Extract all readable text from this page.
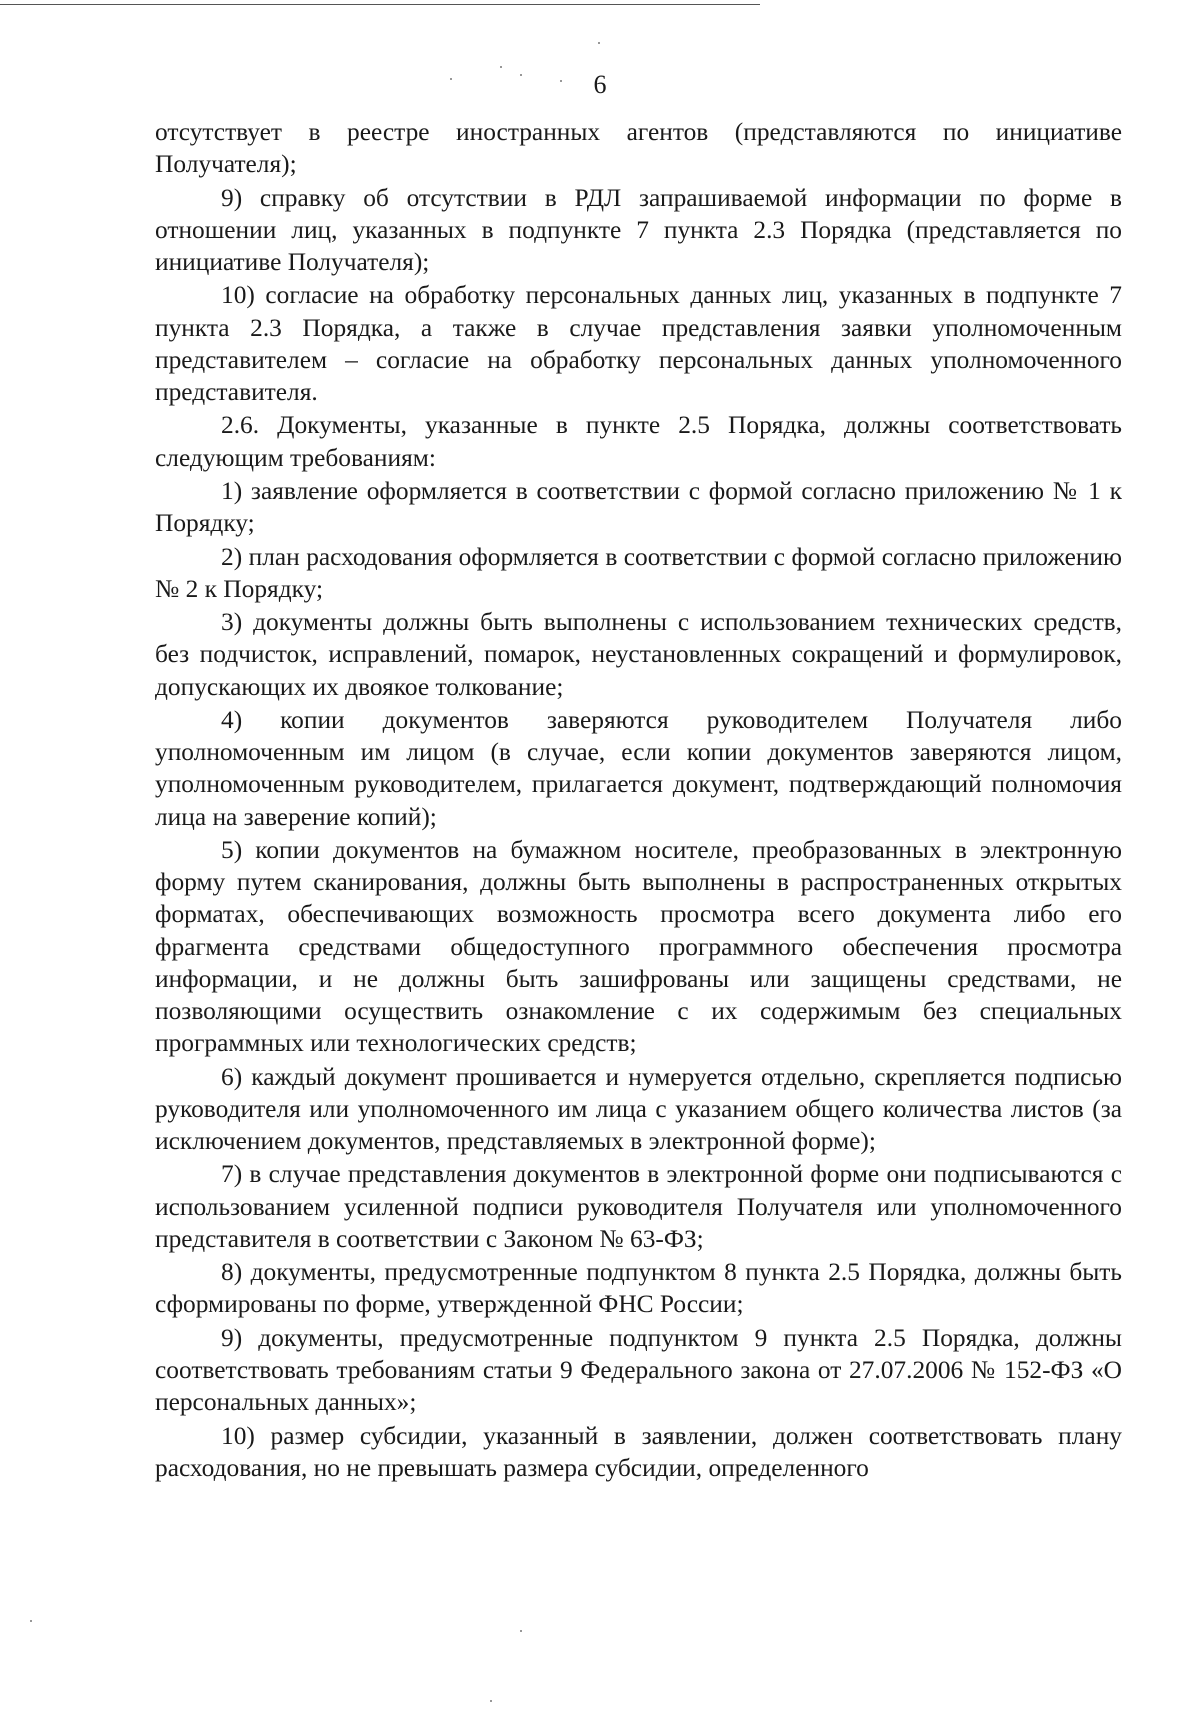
6

отсутствует в реестре иностранных агентов (представляются по инициативе Получателя);

9) справку об отсутствии в РДЛ запрашиваемой информации по форме в отношении лиц, указанных в подпункте 7 пункта 2.3 Порядка (представляется по инициативе Получателя);

10) согласие на обработку персональных данных лиц, указанных в подпункте 7 пункта 2.3 Порядка, а также в случае представления заявки уполномоченным представителем – согласие на обработку персональных данных уполномоченного представителя.

2.6. Документы, указанные в пункте 2.5 Порядка, должны соответствовать следующим требованиям:

1) заявление оформляется в соответствии с формой согласно приложению № 1 к Порядку;

2) план расходования оформляется в соответствии с формой согласно приложению № 2 к Порядку;

3) документы должны быть выполнены с использованием технических средств, без подчисток, исправлений, помарок, неустановленных сокращений и формулировок, допускающих их двоякое толкование;

4) копии документов заверяются руководителем Получателя либо уполномоченным им лицом (в случае, если копии документов заверяются лицом, уполномоченным руководителем, прилагается документ, подтверждающий полномочия лица на заверение копий);

5) копии документов на бумажном носителе, преобразованных в электронную форму путем сканирования, должны быть выполнены в распространенных открытых форматах, обеспечивающих возможность просмотра всего документа либо его фрагмента средствами общедоступного программного обеспечения просмотра информации, и не должны быть зашифрованы или защищены средствами, не позволяющими осуществить ознакомление с их содержимым без специальных программных или технологических средств;

6) каждый документ прошивается и нумеруется отдельно, скрепляется подписью руководителя или уполномоченного им лица с указанием общего количества листов (за исключением документов, представляемых в электронной форме);

7) в случае представления документов в электронной форме они подписываются с использованием усиленной подписи руководителя Получателя или уполномоченного представителя в соответствии с Законом № 63-ФЗ;

8) документы, предусмотренные подпунктом 8 пункта 2.5 Порядка, должны быть сформированы по форме, утвержденной ФНС России;

9) документы, предусмотренные подпунктом 9 пункта 2.5 Порядка, должны соответствовать требованиям статьи 9 Федерального закона от 27.07.2006 № 152-ФЗ «О персональных данных»;

10) размер субсидии, указанный в заявлении, должен соответствовать плану расходования, но не превышать размера субсидии, определенного
